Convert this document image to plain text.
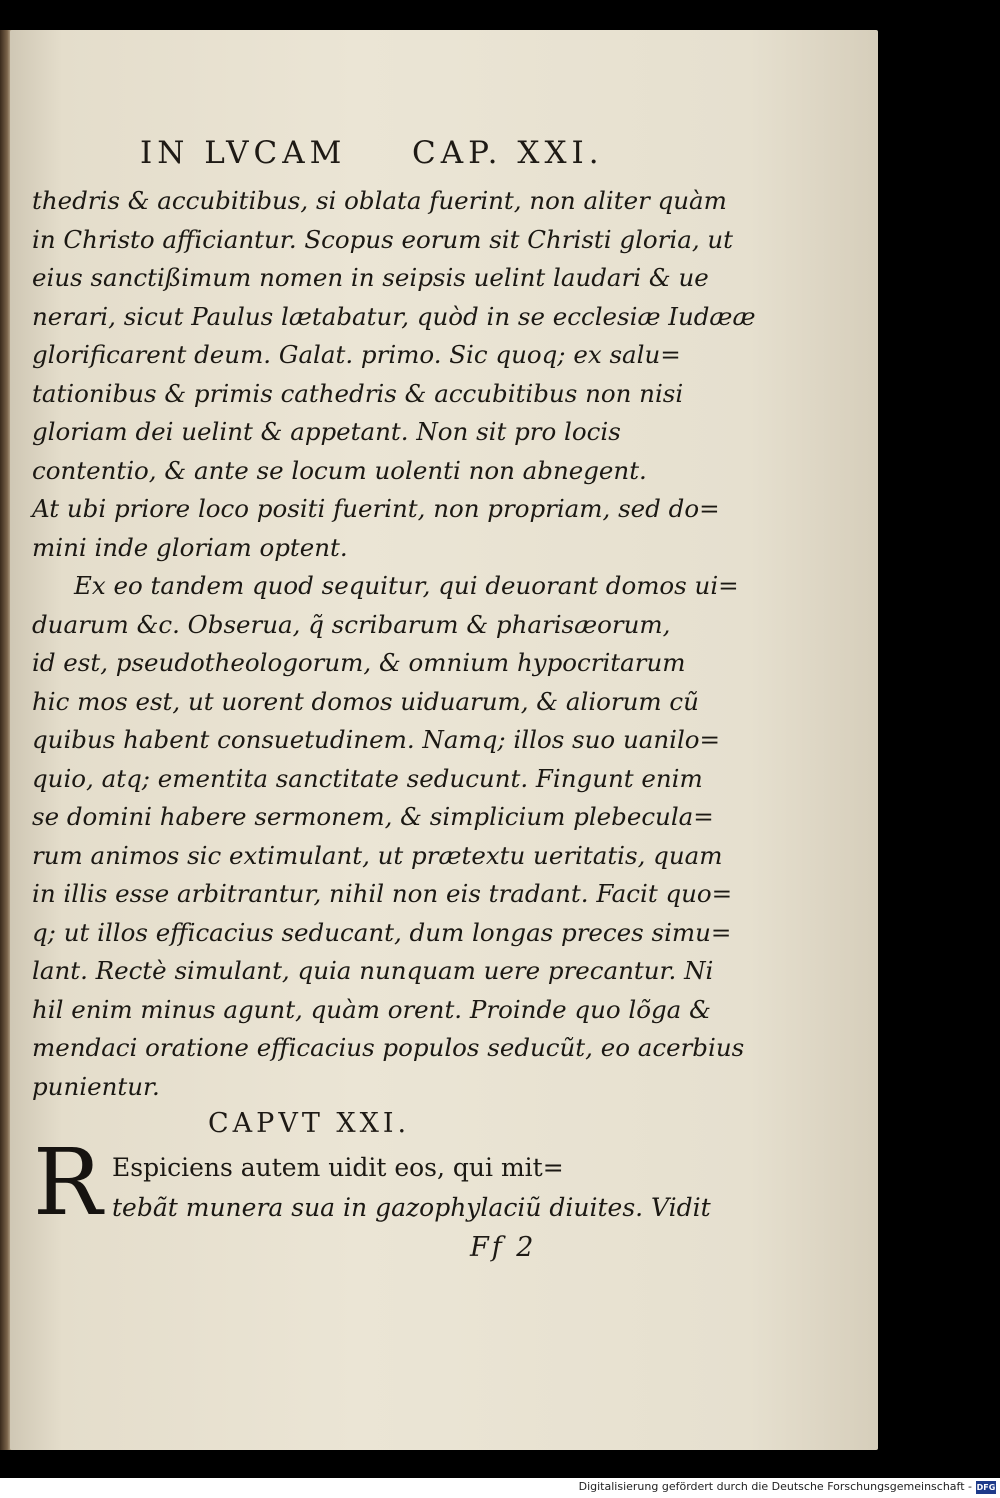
IN LVCAM CAP. XXI.
thedris & accubitibus, si oblata fuerint, non aliter quàm
in Christo afficiantur. Scopus eorum sit Christi gloria, ut
eius sanctißimum nomen in seipsis uelint laudari & ue
nerari, sicut Paulus lætabatur, quòd in se ecclesiæ Iudææ
glorificarent deum. Galat. primo. Sic quoq; ex salu=
tationibus & primis cathedris & accubitibus non nisi
gloriam dei uelint & appetant. Non sit pro locis
contentio, & ante se locum uolenti non abnegent.
At ubi priore loco positi fuerint, non propriam, sed do=
mini inde gloriam optent.
Ex eo tandem quod sequitur, qui deuorant domos ui=
duarum &c. Obserua, q̃ scribarum & pharisæorum,
id est, pseudotheologorum, & omnium hypocritarum
hic mos est, ut uorent domos uiduarum, & aliorum cũ
quibus habent consuetudinem. Namq; illos suo uanilo=
quio, atq; ementita sanctitate seducunt. Fingunt enim
se domini habere sermonem, & simplicium plebecula=
rum animos sic extimulant, ut prætextu ueritatis, quam
in illis esse arbitrantur, nihil non eis tradant. Facit quo=
q; ut illos efficacius seducant, dum longas preces simu=
lant. Rectè simulant, quia nunquam uere precantur. Ni
hil enim minus agunt, quàm orent. Proinde quo lõga &
mendaci oratione efficacius populos seducũt, eo acerbius
punientur.
CAPVT XXI.
R Espiciens autem uidit eos, qui mit=
tebãt munera sua in gazophylaciũ diuites. Vidit
Ff 2
Digitalisierung gefördert durch die Deutsche Forschungsgemeinschaft - DFG
